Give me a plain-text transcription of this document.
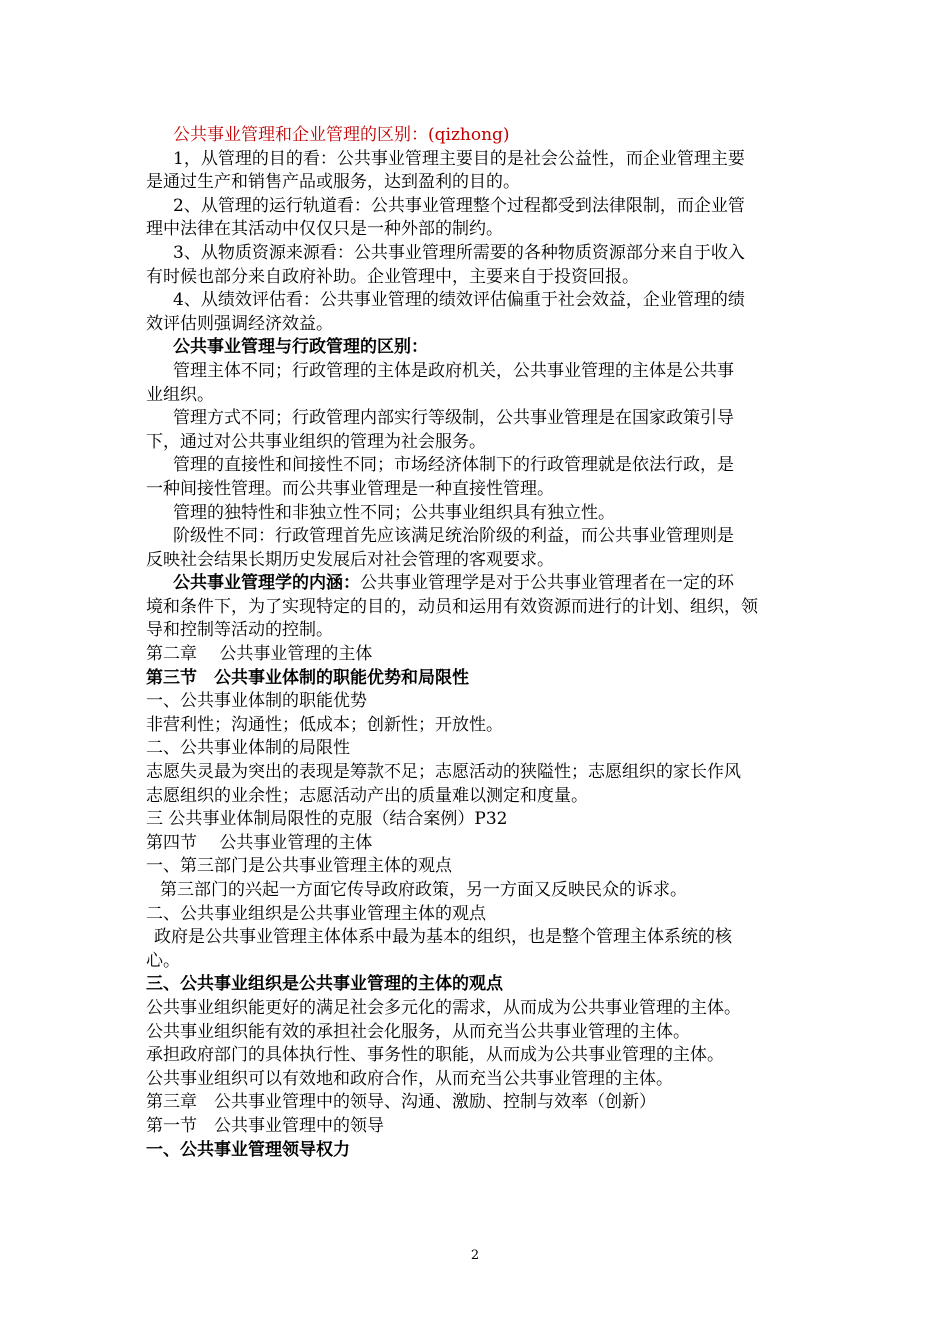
公共事业管理和企业管理的区别：(qizhong)
1，从管理的目的看：公共事业管理主要目的是社会公益性，而企业管理主要
是通过生产和销售产品或服务，达到盈利的目的。
2、从管理的运行轨道看：公共事业管理整个过程都受到法律限制，而企业管
理中法律在其活动中仅仅只是一种外部的制约。
3、从物质资源来源看：公共事业管理所需要的各种物质资源部分来自于收入
有时候也部分来自政府补助。企业管理中，主要来自于投资回报。
4、从绩效评估看：公共事业管理的绩效评估偏重于社会效益，企业管理的绩
效评估则强调经济效益。
公共事业管理与行政管理的区别：
管理主体不同；行政管理的主体是政府机关，公共事业管理的主体是公共事
业组织。
管理方式不同；行政管理内部实行等级制，公共事业管理是在国家政策引导
下，通过对公共事业组织的管理为社会服务。
管理的直接性和间接性不同；市场经济体制下的行政管理就是依法行政，是
一种间接性管理。而公共事业管理是一种直接性管理。
管理的独特性和非独立性不同；公共事业组织具有独立性。
阶级性不同：行政管理首先应该满足统治阶级的利益，而公共事业管理则是
反映社会结果长期历史发展后对社会管理的客观要求。
公共事业管理学的内涵：公共事业管理学是对于公共事业管理者在一定的环
境和条件下，为了实现特定的目的，动员和运用有效资源而进行的计划、组织，领
导和控制等活动的控制。
第二章　 公共事业管理的主体
第三节　公共事业体制的职能优势和局限性
一、公共事业体制的职能优势
非营利性；沟通性；低成本；创新性；开放性。
二、公共事业体制的局限性
志愿失灵最为突出的表现是筹款不足；志愿活动的狭隘性；志愿组织的家长作风
志愿组织的业余性；志愿活动产出的质量难以测定和度量。
三 公共事业体制局限性的克服（结合案例）P32
第四节　 公共事业管理的主体
一、第三部门是公共事业管理主体的观点
第三部门的兴起一方面它传导政府政策，另一方面又反映民众的诉求。
二、公共事业组织是公共事业管理主体的观点
政府是公共事业管理主体体系中最为基本的组织，也是整个管理主体系统的核
心。
三、公共事业组织是公共事业管理的主体的观点
公共事业组织能更好的满足社会多元化的需求，从而成为公共事业管理的主体。
公共事业组织能有效的承担社会化服务，从而充当公共事业管理的主体。
承担政府部门的具体执行性、事务性的职能，从而成为公共事业管理的主体。
公共事业组织可以有效地和政府合作，从而充当公共事业管理的主体。
第三章　公共事业管理中的领导、沟通、激励、控制与效率（创新）
第一节　公共事业管理中的领导
一、公共事业管理领导权力
2
